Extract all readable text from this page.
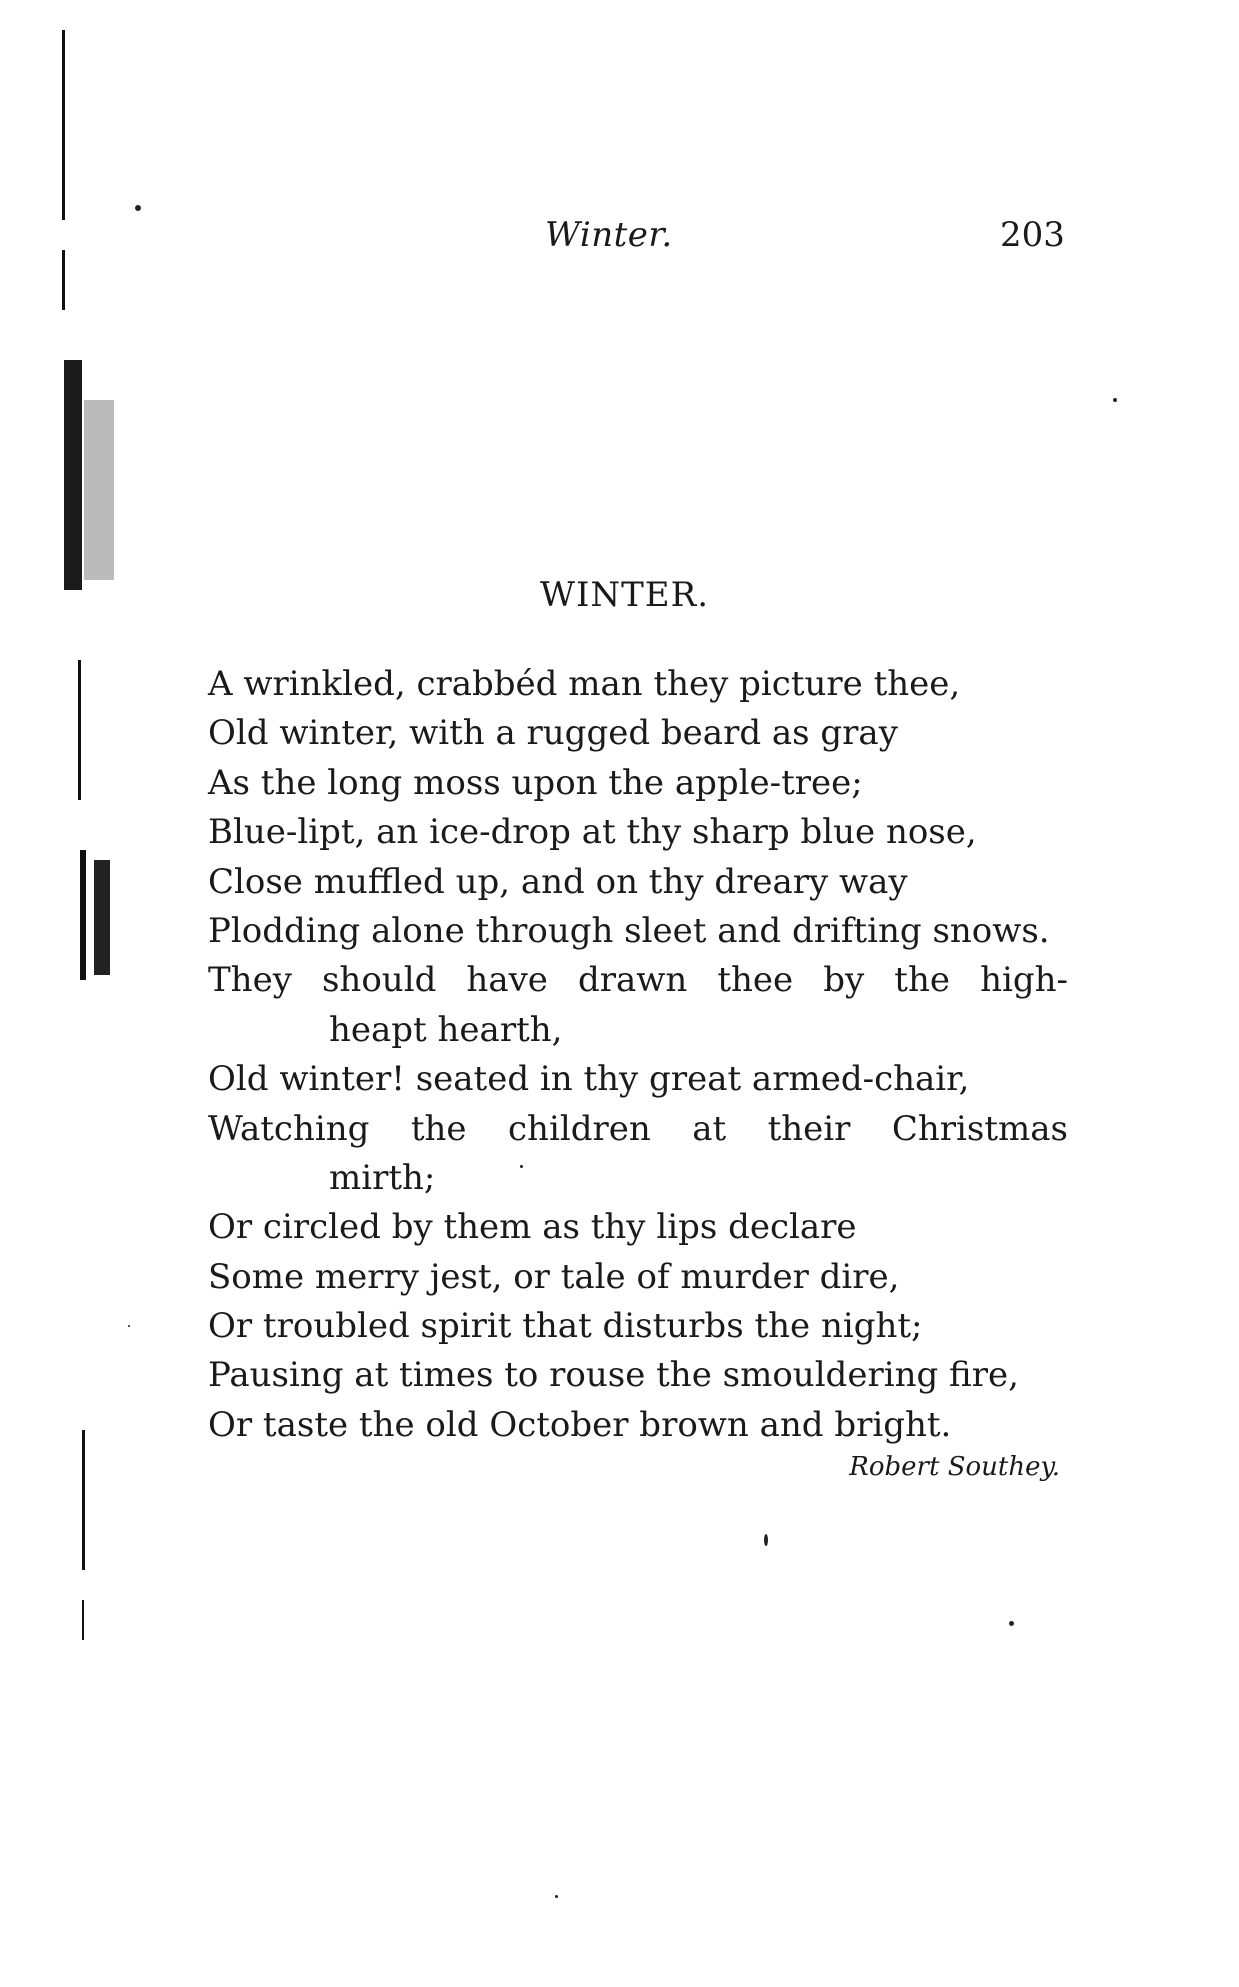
Winter.	203
WINTER.
A wrinkled, crabbéd man they picture thee,
Old winter, with a rugged beard as gray
As the long moss upon the apple-tree;
Blue-lipt, an ice-drop at thy sharp blue nose,
Close muffled up, and on thy dreary way
Plodding alone through sleet and drifting snows.
They should have drawn thee by the high-
heapt hearth,
Old winter! seated in thy great armed-chair,
Watching the children at their Christmas
mirth;
Or circled by them as thy lips declare
Some merry jest, or tale of murder dire,
Or troubled spirit that disturbs the night;
Pausing at times to rouse the smouldering fire,
Or taste the old October brown and bright.
Robert Southey.
